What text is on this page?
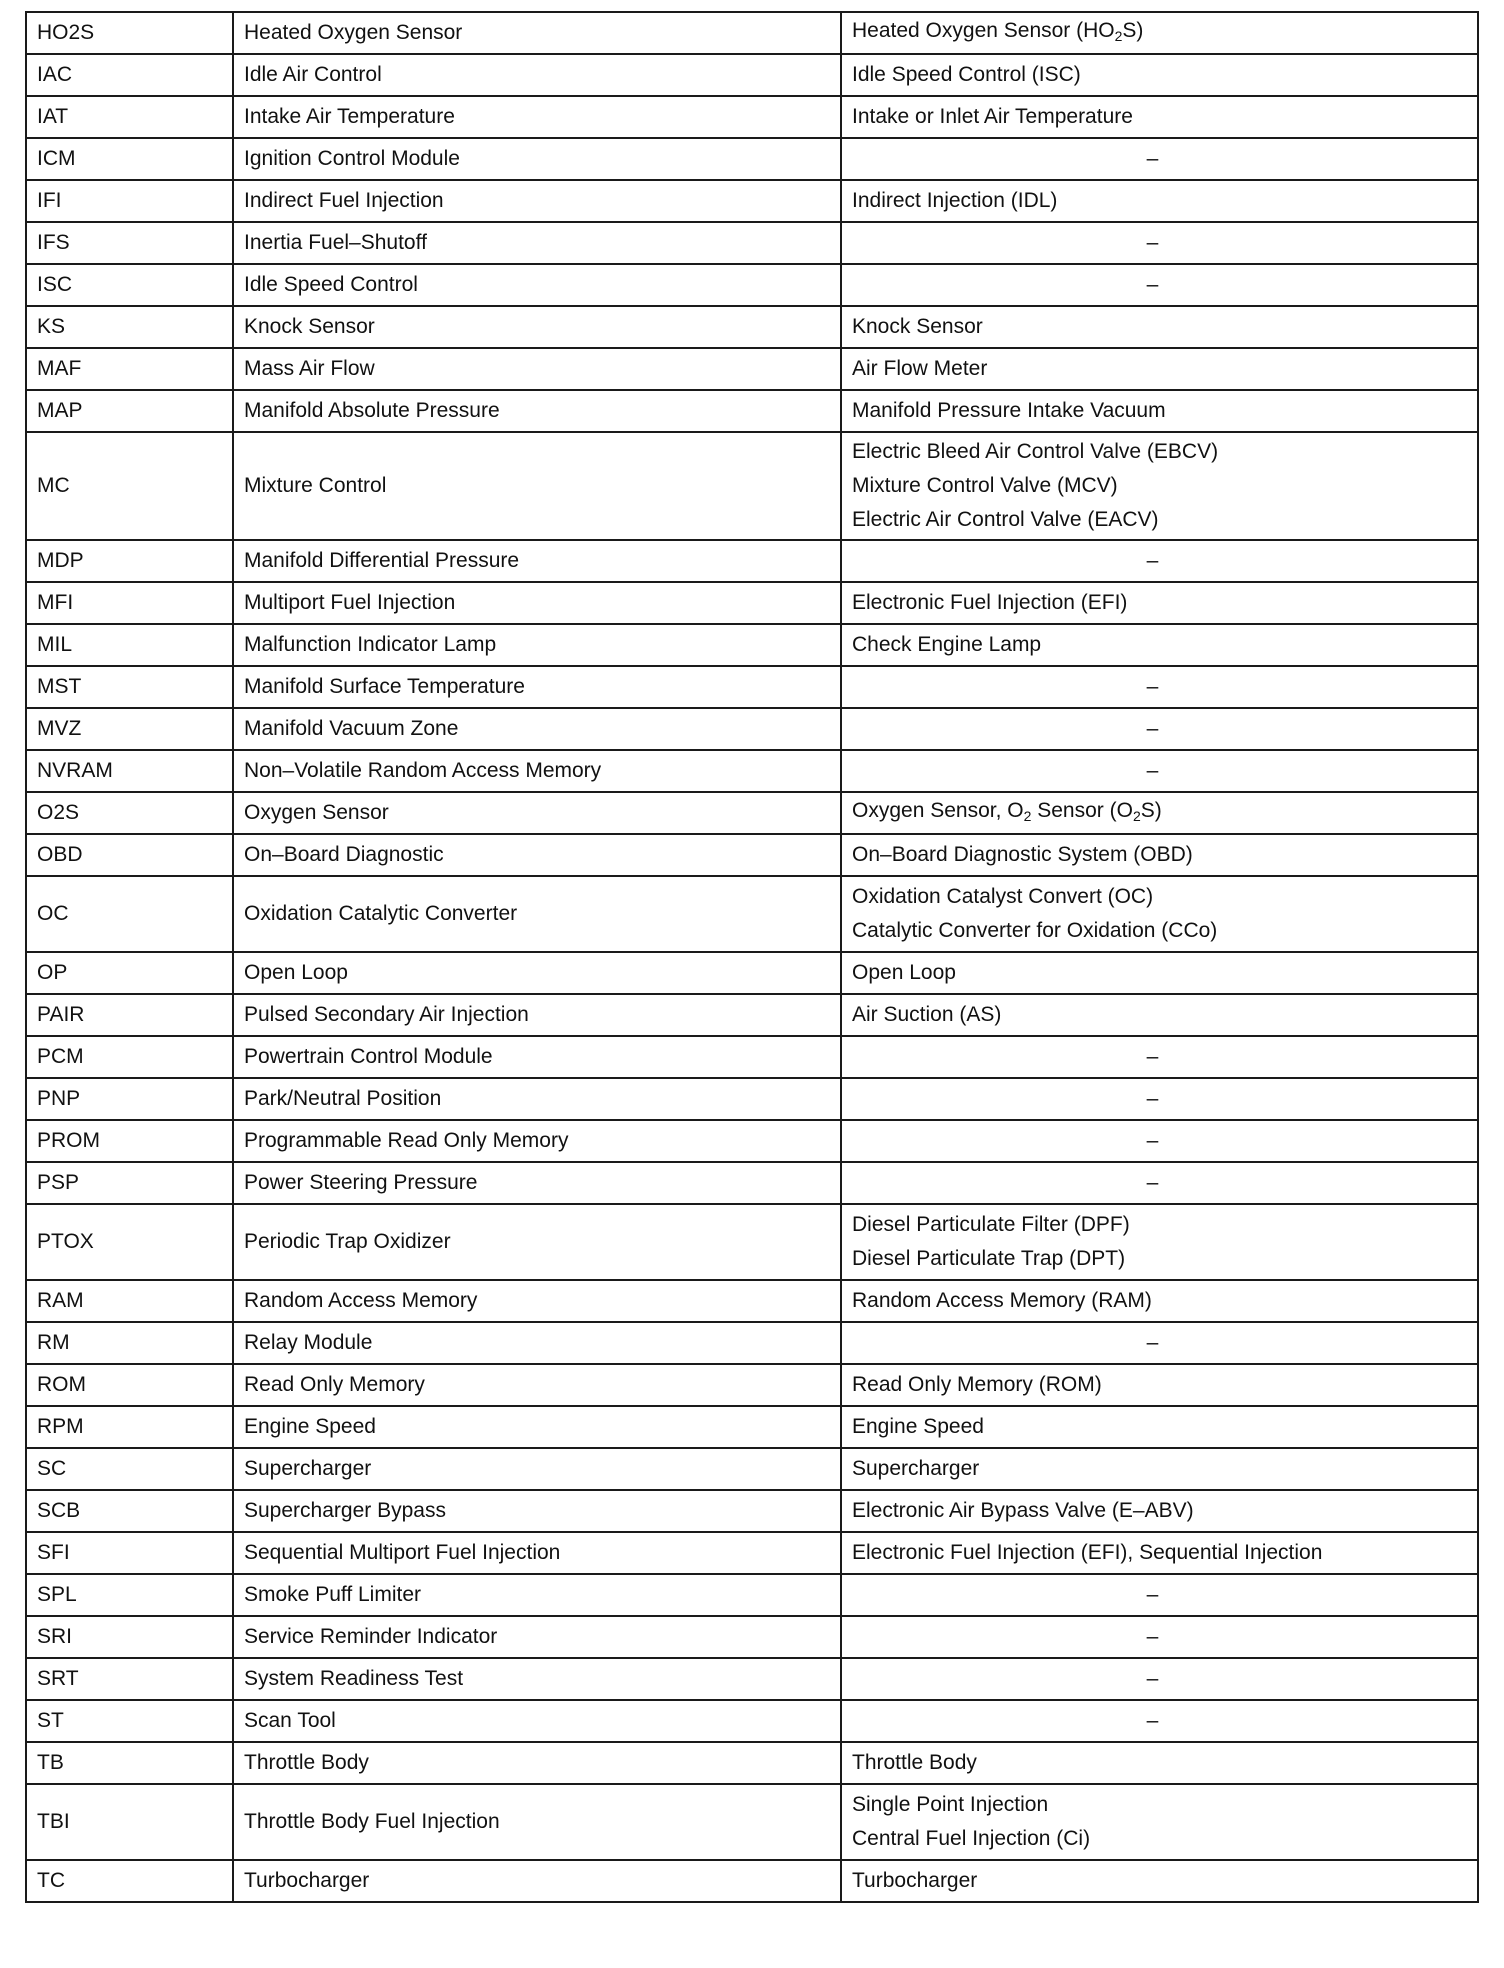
HO2S	Heated Oxygen Sensor	Heated Oxygen Sensor $(HO_2S)$
IAC	Idle Air Control	Idle Speed Control (ISC)
IAT	Intake Air Temperature	Intake or Inlet Air Temperature
ICM	Ignition Control Module	–
IFI	Indirect Fuel Injection	Indirect Injection (IDL)
IFS	Inertia Fuel–Shutoff	–
ISC	Idle Speed Control	–
KS	Knock Sensor	Knock Sensor
MAF	Mass Air Flow	Air Flow Meter
MAP	Manifold Absolute Pressure	Manifold Pressure Intake Vacuum
MC	Mixture Control	Electric Bleed Air Control Valve (EBCV)
Mixture Control Valve (MCV)
Electric Air Control Valve (EACV)
MDP	Manifold Differential Pressure	–
MFI	Multiport Fuel Injection	Electronic Fuel Injection (EFI)
MIL	Malfunction Indicator Lamp	Check Engine Lamp
MST	Manifold Surface Temperature	–
MVZ	Manifold Vacuum Zone	–
NVRAM	Non–Volatile Random Access Memory	–
O2S	Oxygen Sensor	Oxygen Sensor, $O_2$ Sensor $(O_2S)$
OBD	On–Board Diagnostic	On–Board Diagnostic System (OBD)
OC	Oxidation Catalytic Converter	Oxidation Catalyst Convert (OC)
Catalytic Converter for Oxidation (CCo)
OP	Open Loop	Open Loop
PAIR	Pulsed Secondary Air Injection	Air Suction (AS)
PCM	Powertrain Control Module	–
PNP	Park/Neutral Position	–
PROM	Programmable Read Only Memory	–
PSP	Power Steering Pressure	–
PTOX	Periodic Trap Oxidizer	Diesel Particulate Filter (DPF)
Diesel Particulate Trap (DPT)
RAM	Random Access Memory	Random Access Memory (RAM)
RM	Relay Module	–
ROM	Read Only Memory	Read Only Memory (ROM)
RPM	Engine Speed	Engine Speed
SC	Supercharger	Supercharger
SCB	Supercharger Bypass	Electronic Air Bypass Valve (E–ABV)
SFI	Sequential Multiport Fuel Injection	Electronic Fuel Injection (EFI), Sequential Injection
SPL	Smoke Puff Limiter	–
SRI	Service Reminder Indicator	–
SRT	System Readiness Test	–
ST	Scan Tool	–
TB	Throttle Body	Throttle Body
TBI	Throttle Body Fuel Injection	Single Point Injection
Central Fuel Injection (Ci)
TC	Turbocharger	Turbocharger
